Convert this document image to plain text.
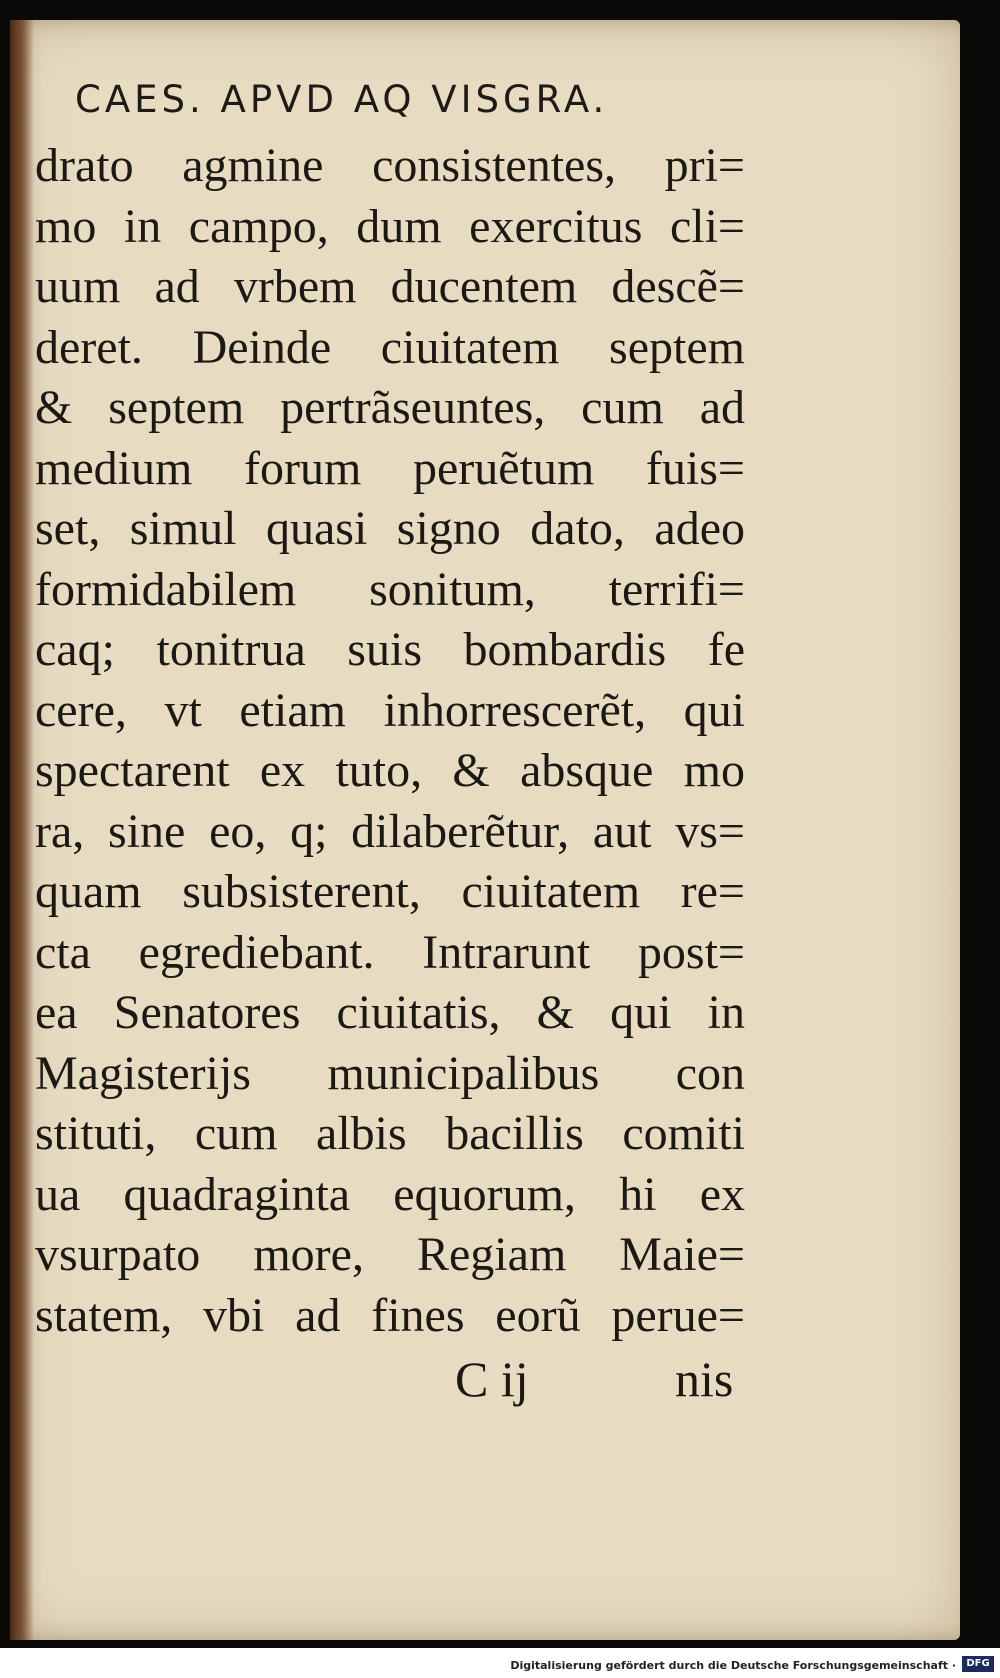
CAES. APVD AQ VISGRA.
drato agmine consistentes, pri=
mo in campo, dum exercitus cli=
uum ad vrbem ducentem descẽ=
deret. Deinde ciuitatem septem
& septem pertrãseuntes, cum ad
medium forum peruẽtum fuis=
set, simul quasi signo dato, adeo
formidabilem sonitum, terrifi=
caq; tonitrua suis bombardis fe
cere, vt etiam inhorrescerẽt, qui
spectarent ex tuto, & absque mo
ra, sine eo, q; dilaberẽtur, aut vs=
quam subsisterent, ciuitatem re=
cta egrediebant. Intrarunt post=
ea Senatores ciuitatis, & qui in
Magisterijs municipalibus con
stituti, cum albis bacillis comiti
ua quadraginta equorum, hi ex
vsurpato more, Regiam Maie=
statem, vbi ad fines eorũ perue=
C ij	nis
Digitalisierung gefördert durch die Deutsche Forschungsgemeinschaft ·	DFG
